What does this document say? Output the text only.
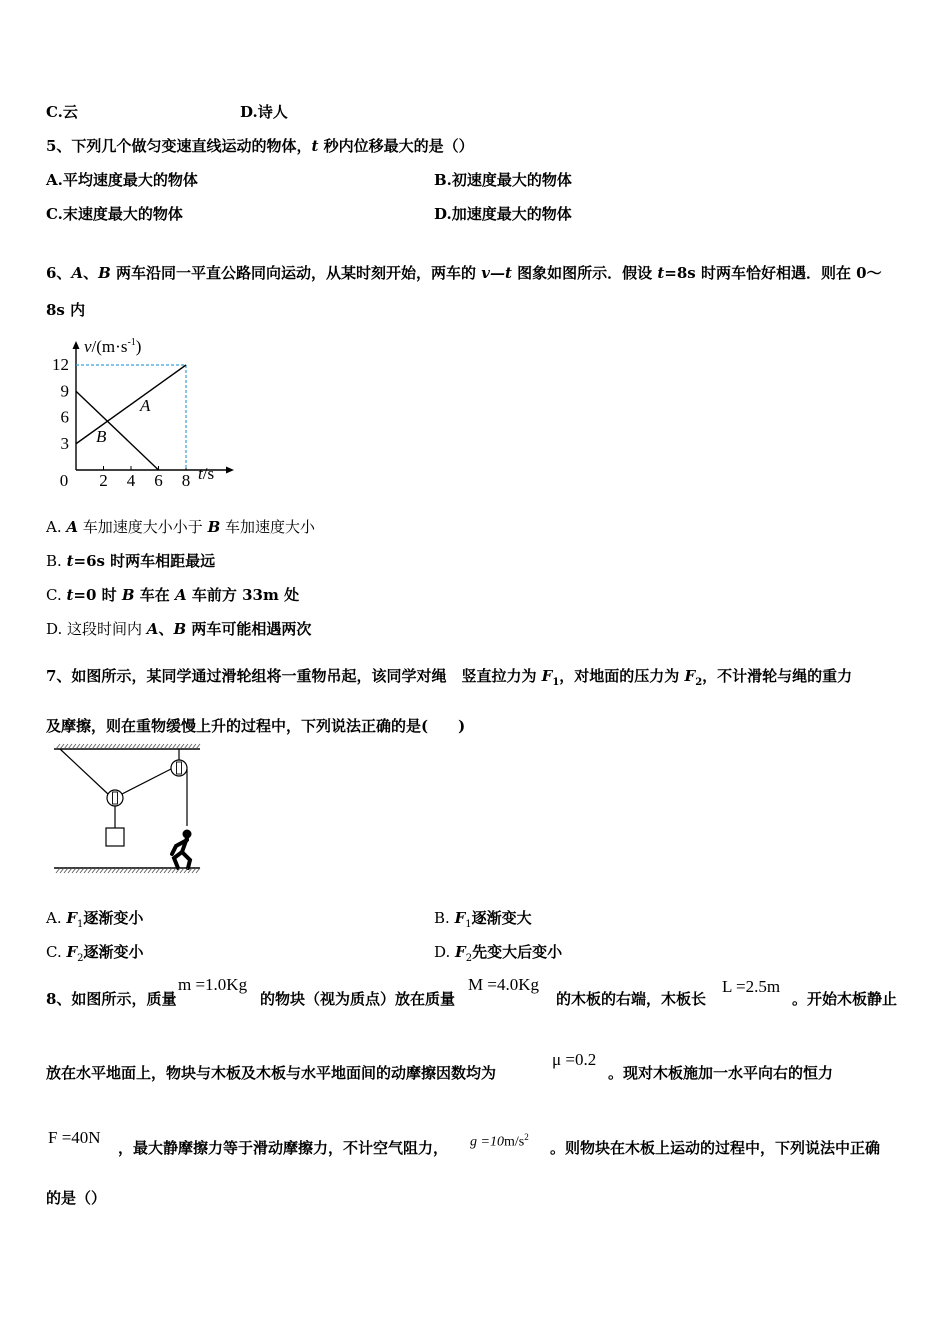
C.云	D.诗人
5、下列几个做匀变速直线运动的物体，t 秒内位移最大的是（）
A.平均速度最大的物体	B.初速度最大的物体
C.末速度最大的物体	D.加速度最大的物体
6、A、B 两车沿同一平直公路同向运动，从某时刻开始，两车的 v—t 图象如图所示．假设 t=8s 时两车恰好相遇．则在 0～
8s 内
$v/(m\cdot s^{-1})$
t/s
12
9
6
3
0 2 4 6 8
A
B
A. A 车加速度大小小于 B 车加速度大小
B. t=6s 时两车相距最远
C. t=0 时 B 车在 A 车前方 33m 处
D. 这段时间内 A、B 两车可能相遇两次
7、如图所示，某同学通过滑轮组将一重物吊起，该同学对绳　竖直拉力为 $F_1$，对地面的压力为 $F_2$，不计滑轮与绳的重力
及摩擦，则在重物缓慢上升的过程中，下列说法正确的是(　　)
A. $F_1$逐渐变小	B. $F_1$逐渐变大
C. $F_2$逐渐变小	D. $F_2$先变大后变小
8、如图所示，质量
m =1.0Kg
的物块（视为质点）放在质量
M =4.0Kg
的木板的右端，木板长
L =2.5m
。开始木板静止
放在水平地面上，物块与木板及木板与水平地面间的动摩擦因数均为
μ =0.2
。现对木板施加一水平向右的恒力
F =40N
，最大静摩擦力等于滑动摩擦力，不计空气阻力， $g =10m/s^2$
。则物块在木板上运动的过程中，下列说法中正确
的是（）
